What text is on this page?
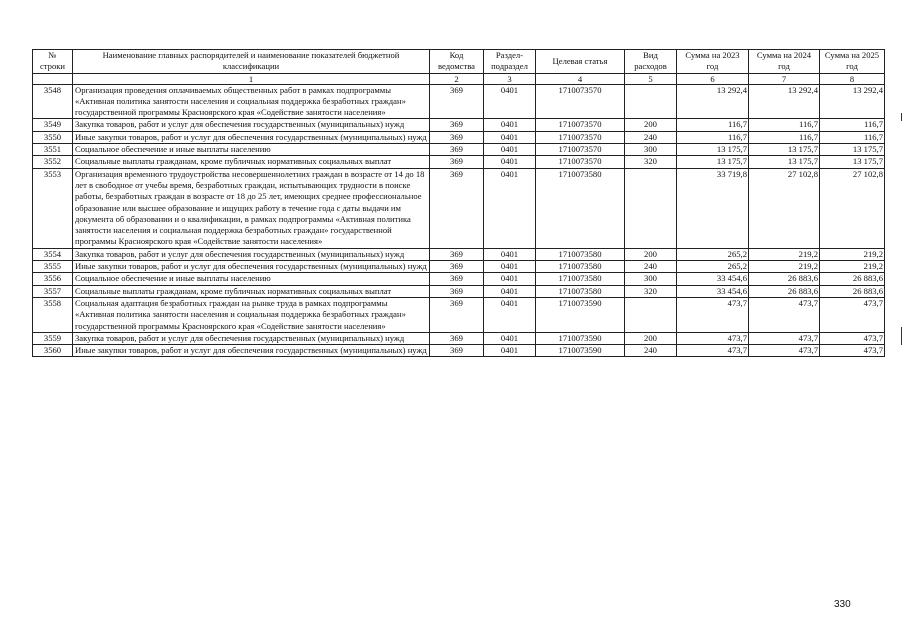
№ строки	Наименование главных распорядителей и наименование показателей бюджетной классификации	Код ведомства	Раздел-подраздел	Целевая статья	Вид расходов	Сумма на 2023 год	Сумма на 2024 год	Сумма на 2025 год
	1	2	3	4	5	6	7	8
3548	Организация проведения оплачиваемых общественных работ в рамках подпрограммы «Активная политика занятости населения и социальная поддержка безработных граждан» государственной программы Красноярского края «Содействие занятости населения»	369	0401	1710073570		13 292,4	13 292,4	13 292,4
3549	Закупка товаров, работ и услуг для обеспечения государственных (муниципальных) нужд	369	0401	1710073570	200	116,7	116,7	116,7
3550	Иные закупки товаров, работ и услуг для обеспечения государственных (муниципальных) нужд	369	0401	1710073570	240	116,7	116,7	116,7
3551	Социальное обеспечение и иные выплаты населению	369	0401	1710073570	300	13 175,7	13 175,7	13 175,7
3552	Социальные выплаты гражданам, кроме публичных нормативных социальных выплат	369	0401	1710073570	320	13 175,7	13 175,7	13 175,7
3553	Организация временного трудоустройства несовершеннолетних граждан в возрасте от 14 до 18 лет в свободное от учебы время, безработных граждан, испытывающих трудности в поиске работы, безработных граждан в возрасте от 18 до 25 лет, имеющих среднее профессиональное образование или высшее образование и ищущих работу в течение года с даты выдачи им документа об образовании и о квалификации, в рамках подпрограммы «Активная политика занятости населения и социальная поддержка безработных граждан» государственной программы Красноярского края «Содействие занятости населения»	369	0401	1710073580		33 719,8	27 102,8	27 102,8
3554	Закупка товаров, работ и услуг для обеспечения государственных (муниципальных) нужд	369	0401	1710073580	200	265,2	219,2	219,2
3555	Иные закупки товаров, работ и услуг для обеспечения государственных (муниципальных) нужд	369	0401	1710073580	240	265,2	219,2	219,2
3556	Социальное обеспечение и иные выплаты населению	369	0401	1710073580	300	33 454,6	26 883,6	26 883,6
3557	Социальные выплаты гражданам, кроме публичных нормативных социальных выплат	369	0401	1710073580	320	33 454,6	26 883,6	26 883,6
3558	Социальная адаптация безработных граждан на рынке труда в рамках подпрограммы «Активная политика занятости населения и социальная поддержка безработных граждан» государственной программы Красноярского края «Содействие занятости населения»	369	0401	1710073590		473,7	473,7	473,7
3559	Закупка товаров, работ и услуг для обеспечения государственных (муниципальных) нужд	369	0401	1710073590	200	473,7	473,7	473,7
3560	Иные закупки товаров, работ и услуг для обеспечения государственных (муниципальных) нужд	369	0401	1710073590	240	473,7	473,7	473,7
330
